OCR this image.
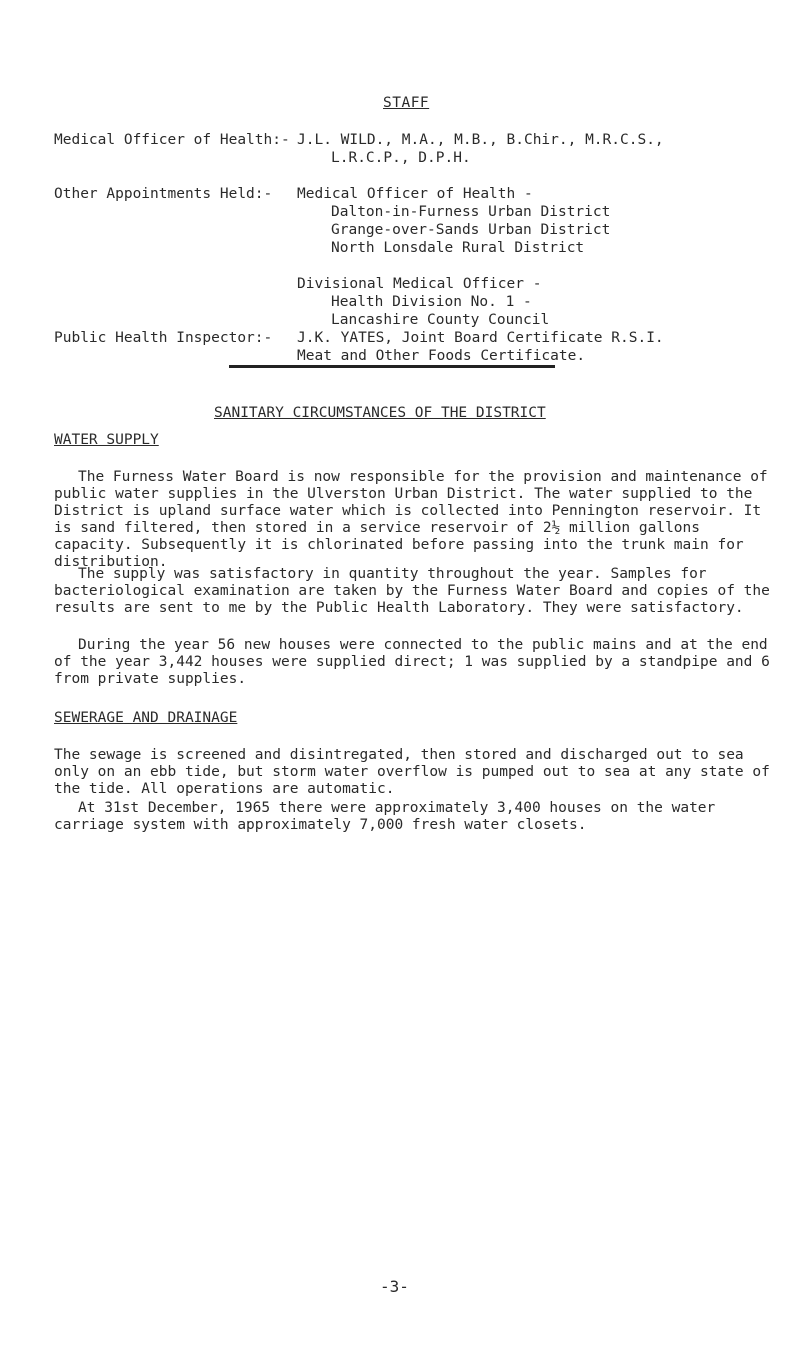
STAFF
Medical Officer of Health:- J.L. WILD., M.A., M.B., B.Chir., M.R.C.S.,
L.R.C.P., D.P.H.
Other Appointments Held:- Medical Officer of Health -
Dalton-in-Furness Urban District
Grange-over-Sands Urban District
North Lonsdale Rural District
Divisional Medical Officer -
Health Division No. 1 -
Lancashire County Council
Public Health Inspector:- J.K. YATES, Joint Board Certificate R.S.I.
Meat and Other Foods Certificate.
SANITARY CIRCUMSTANCES OF THE DISTRICT
WATER SUPPLY
The Furness Water Board is now responsible for the provision and maintenance of public water supplies in the Ulverston Urban District. The water supplied to the District is upland surface water which is collected into Pennington reservoir. It is sand filtered, then stored in a service reservoir of 2½ million gallons capacity. Subsequently it is chlorinated before passing into the trunk main for distribution.
The supply was satisfactory in quantity throughout the year. Samples for bacteriological examination are taken by the Furness Water Board and copies of the results are sent to me by the Public Health Laboratory. They were satisfactory.
During the year 56 new houses were connected to the public mains and at the end of the year 3,442 houses were supplied direct; 1 was supplied by a standpipe and 6 from private supplies.
SEWERAGE AND DRAINAGE
The sewage is screened and disintregated, then stored and discharged out to sea only on an ebb tide, but storm water overflow is pumped out to sea at any state of the tide. All operations are automatic.
At 31st December, 1965 there were approximately 3,400 houses on the water carriage system with approximately 7,000 fresh water closets.
-3-
